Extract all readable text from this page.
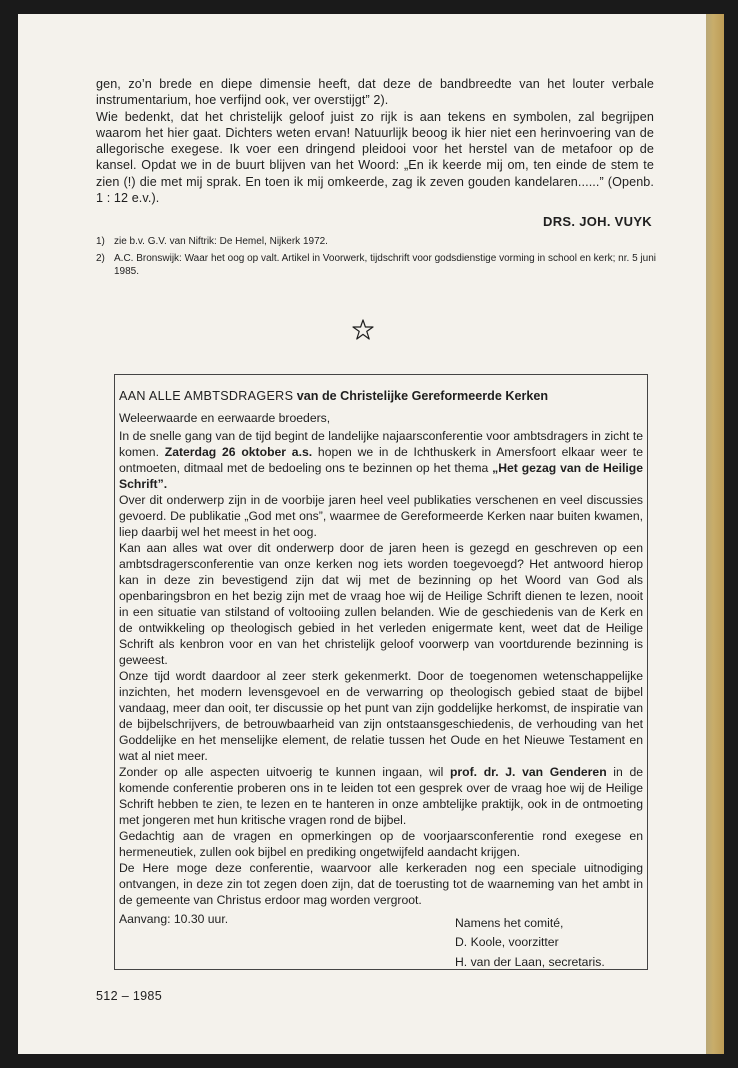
gen, zo’n brede en diepe dimensie heeft, dat deze de bandbreedte van het louter verbale instrumentarium, hoe verfijnd ook, ver overstijgt” 2).

Wie bedenkt, dat het christelijk geloof juist zo rijk is aan tekens en symbolen, zal begrijpen waarom het hier gaat. Dichters weten ervan! Natuurlijk beoog ik hier niet een herinvoering van de allegorische exegese. Ik voer een dringend pleidooi voor het herstel van de metafoor op de kansel. Opdat we in de buurt blijven van het Woord: „En ik keerde mij om, ten einde de stem te zien (!) die met mij sprak. En toen ik mij omkeerde, zag ik zeven gouden kandelaren......” (Openb. 1 : 12 e.v.).

DRS. JOH. VUYK
1) zie b.v. G.V. van Niftrik: De Hemel, Nijkerk 1972.
2) A.C. Bronswijk: Waar het oog op valt. Artikel in Voorwerk, tijdschrift voor godsdienstige vorming in school en kerk; nr. 5 juni 1985.
AAN ALLE AMBTSDRAGERS van de Christelijke Gereformeerde Kerken

Weleerwaarde en eerwaarde broeders,

In de snelle gang van de tijd begint de landelijke najaarsconferentie voor ambtsdragers in zicht te komen. Zaterdag 26 oktober a.s. hopen we in de Ichthuskerk in Amersfoort elkaar weer te ontmoeten, ditmaal met de bedoeling ons te bezinnen op het thema „Het gezag van de Heilige Schrift”.

Over dit onderwerp zijn in de voorbije jaren heel veel publikaties verschenen en veel discussies gevoerd. De publikatie „God met ons”, waarmee de Gereformeerde Kerken naar buiten kwamen, liep daarbij wel het meest in het oog.

Kan aan alles wat over dit onderwerp door de jaren heen is gezegd en geschreven op een ambtsdragersconferentie van onze kerken nog iets worden toegevoegd? Het antwoord hierop kan in deze zin bevestigend zijn dat wij met de bezinning op het Woord van God als openbaringsbron en het bezig zijn met de vraag hoe wij de Heilige Schrift dienen te lezen, nooit in een situatie van stilstand of voltooiing zullen belanden. Wie de geschiedenis van de Kerk en de ontwikkeling op theologisch gebied in het verleden enigermate kent, weet dat de Heilige Schrift als kenbron voor en van het christelijk geloof voorwerp van voortdurende bezinning is geweest.

Onze tijd wordt daardoor al zeer sterk gekenmerkt. Door de toegenomen wetenschappelijke inzichten, het modern levensgevoel en de verwarring op theologisch gebied staat de bijbel vandaag, meer dan ooit, ter discussie op het punt van zijn goddelijke herkomst, de inspiratie van de bijbelschrijvers, de betrouwbaarheid van zijn ontstaansgeschiedenis, de verhouding van het Goddelijke en het menselijke element, de relatie tussen het Oude en het Nieuwe Testament en wat al niet meer.

Zonder op alle aspecten uitvoerig te kunnen ingaan, wil prof. dr. J. van Genderen in de komende conferentie proberen ons in te leiden tot een gesprek over de vraag hoe wij de Heilige Schrift hebben te zien, te lezen en te hanteren in onze ambtelijke praktijk, ook in de ontmoeting met jongeren met hun kritische vragen rond de bijbel.

Gedachtig aan de vragen en opmerkingen op de voorjaarsconferentie rond exegese en hermeneutiek, zullen ook bijbel en prediking ongetwijfeld aandacht krijgen.

De Here moge deze conferentie, waarvoor alle kerkeraden nog een speciale uitnodiging ontvangen, in deze zin tot zegen doen zijn, dat de toerusting tot de waarneming van het ambt in de gemeente van Christus erdoor mag worden vergroot.

Aanvang: 10.30 uur.	Namens het comité,
D. Koole, voorzitter
H. van der Laan, secretaris.
512 – 1985
